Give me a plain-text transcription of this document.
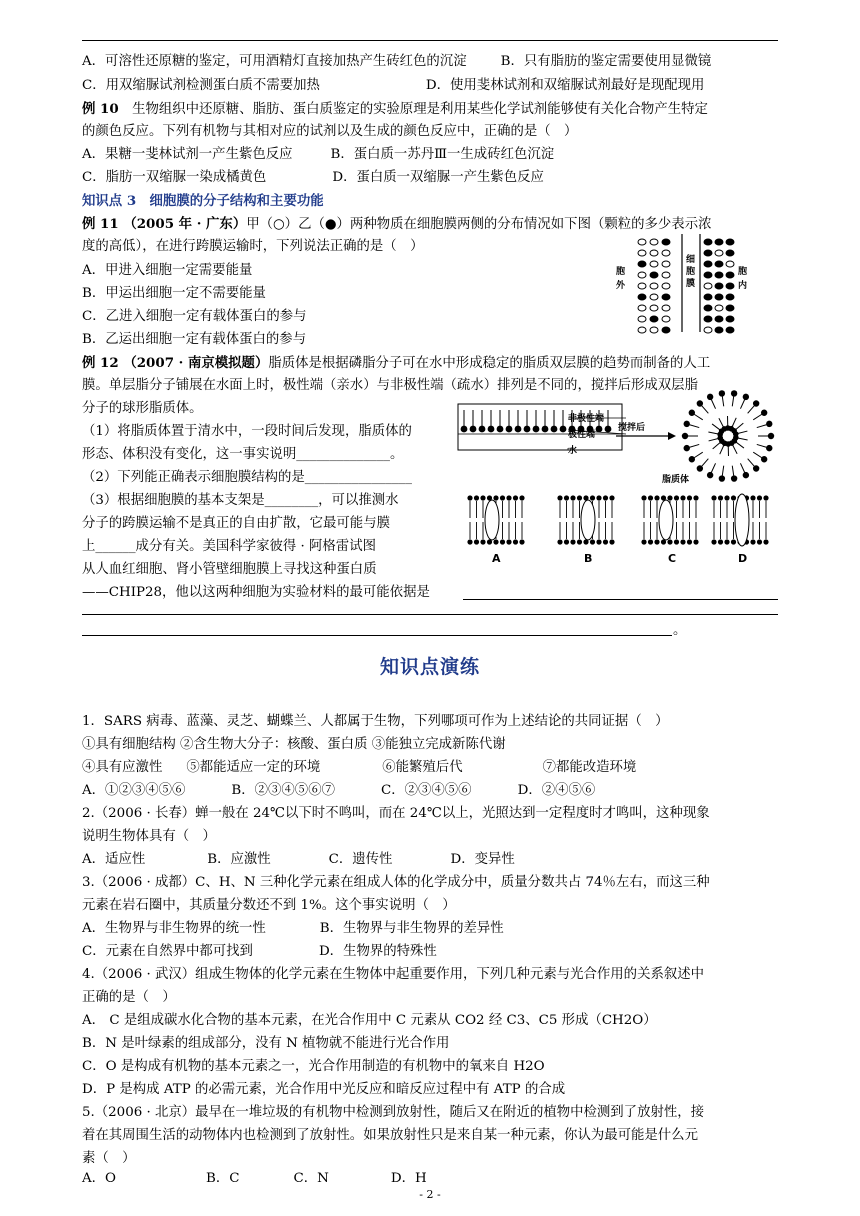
A．可溶性还原糖的鉴定，可用酒精灯直接加热产生砖红色的沉淀	B．只有脂肪的鉴定需要使用显微镜
C．用双缩脲试剂检测蛋白质不需要加热	D．使用斐林试剂和双缩脲试剂最好是现配现用
例 10　生物组织中还原糖、脂肪、蛋白质鉴定的实验原理是利用某些化学试剂能够使有关化合物产生特定
的颜色反应。下列有机物与其相对应的试剂以及生成的颜色反应中，正确的是（　）
A．果糖一斐林试剂一产生紫色反应	B．蛋白质一苏丹Ⅲ一生成砖红色沉淀
C．脂肪一双缩脲一染成橘黄色	D．蛋白质一双缩脲一产生紫色反应
知识点 3　细胞膜的分子结构和主要功能
例 11 （2005 年 · 广东）甲（○）乙（●）两种物质在细胞膜两侧的分布情况如下图（颗粒的多少表示浓
度的高低），在进行跨膜运输时，下列说法正确的是（　）
A．甲进入细胞一定需要能量
B．甲运出细胞一定不需要能量
C．乙进入细胞一定有载体蛋白的参与
B．乙运出细胞一定有载体蛋白的参与
胞
外
细
胞
膜
胞
内
例 12 （2007 · 南京模拟题）脂质体是根据磷脂分子可在水中形成稳定的脂质双层膜的趋势而制备的人工
膜。单层脂分子铺展在水面上时，极性端（亲水）与非极性端（疏水）排列是不同的，搅拌后形成双层脂
分子的球形脂质体。
（1）将脂质体置于清水中，一段时间后发现，脂质体的
形态、体积没有变化，这一事实说明______________。
（2）下列能正确表示细胞膜结构的是________________
（3）根据细胞膜的基本支架是________，可以推测水
分子的跨膜运输不是真正的自由扩散，它最可能与膜
上______成分有关。美国科学家彼得 · 阿格雷试图
从人血红细胞、肾小管壁细胞膜上寻找这种蛋白质
——CHIP28，他以这两种细胞为实验材料的最可能依据是
。
非极性端
极性端
水
搅拌后
脂质体
A	B	C	D
知识点演练
1．SARS 病毒、蓝藻、灵芝、蝴蝶兰、人都属于生物，下列哪项可作为上述结论的共同证据（　）
①具有细胞结构 ②含生物大分子：核酸、蛋白质 ③能独立完成新陈代谢
④具有应激性 ⑤都能适应一定的环境	⑥能繁殖后代	⑦都能改造环境
A．①②③④⑤⑥	B．②③④⑤⑥⑦	C．②③④⑤⑥	D．②④⑤⑥
2.（2006 · 长春）蝉一般在 24℃以下时不鸣叫，而在 24℃以上，光照达到一定程度时才鸣叫，这种现象
说明生物体具有（　）
A．适应性	B．应激性	C．遗传性	D．变异性
3.（2006 · 成都）C、H、N 三种化学元素在组成人体的化学成分中，质量分数共占 74％左右，而这三种
元素在岩石圈中，其质量分数还不到 1%。这个事实说明（　）
A．生物界与非生物界的统一性	B．生物界与非生物界的差异性
C．元素在自然界中都可找到	D．生物界的特殊性
4.（2006 · 武汉）组成生物体的化学元素在生物体中起重要作用，下列几种元素与光合作用的关系叙述中
正确的是（　）
A． C 是组成碳水化合物的基本元素，在光合作用中 C 元素从 CO2 经 C3、C5 形成（CH2O）
B．N 是叶绿素的组成部分，没有 N 植物就不能进行光合作用
C．O 是构成有机物的基本元素之一，光合作用制造的有机物中的氧来自 H2O
D．P 是构成 ATP 的必需元素，光合作用中光反应和暗反应过程中有 ATP 的合成
5.（2006 · 北京）最早在一堆垃圾的有机物中检测到放射性，随后又在附近的植物中检测到了放射性，接
着在其周围生活的动物体内也检测到了放射性。如果放射性只是来自某一种元素，你认为最可能是什么元
素（　）
A．O	B．C	C．N	D．H
- 2 -
